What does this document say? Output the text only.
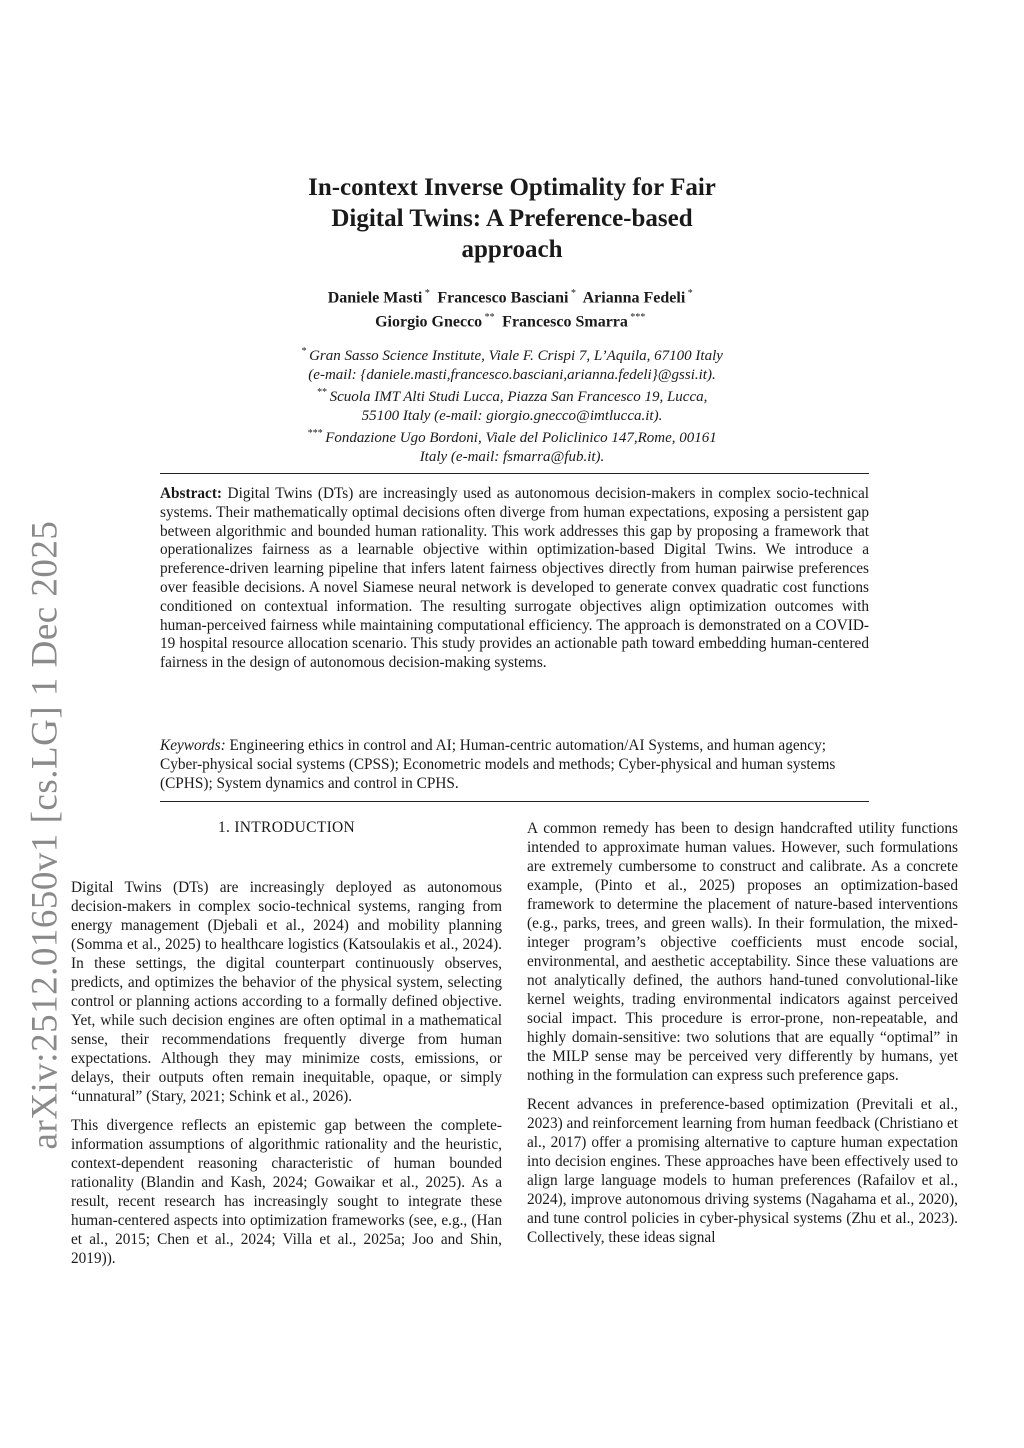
arXiv:2512.01650v1 [cs.LG] 1 Dec 2025
In-context Inverse Optimality for Fair
Digital Twins: A Preference-based
approach
Daniele Masti * Francesco Basciani * Arianna Fedeli *
Giorgio Gnecco ** Francesco Smarra ***
* Gran Sasso Science Institute, Viale F. Crispi 7, L’Aquila, 67100 Italy
(e-mail: {daniele.masti,francesco.basciani,arianna.fedeli}@gssi.it).
** Scuola IMT Alti Studi Lucca, Piazza San Francesco 19, Lucca,
55100 Italy (e-mail: giorgio.gnecco@imtlucca.it).
*** Fondazione Ugo Bordoni, Viale del Policlinico 147,Rome, 00161
Italy (e-mail: fsmarra@fub.it).
Abstract: Digital Twins (DTs) are increasingly used as autonomous decision-makers in complex socio-technical systems. Their mathematically optimal decisions often diverge from human expectations, exposing a persistent gap between algorithmic and bounded human rationality. This work addresses this gap by proposing a framework that operationalizes fairness as a learnable objective within optimization-based Digital Twins. We introduce a preference-driven learning pipeline that infers latent fairness objectives directly from human pairwise preferences over feasible decisions. A novel Siamese neural network is developed to generate convex quadratic cost functions conditioned on contextual information. The resulting surrogate objectives align optimization outcomes with human-perceived fairness while maintaining computational efficiency. The approach is demonstrated on a COVID-19 hospital resource allocation scenario. This study provides an actionable path toward embedding human-centered fairness in the design of autonomous decision-making systems.
Keywords: Engineering ethics in control and AI; Human-centric automation/AI Systems, and human agency; Cyber-physical social systems (CPSS); Econometric models and methods; Cyber-physical and human systems (CPHS); System dynamics and control in CPHS.
1. INTRODUCTION

Digital Twins (DTs) are increasingly deployed as autonomous decision-makers in complex socio-technical systems, ranging from energy management (Djebali et al., 2024) and mobility planning (Somma et al., 2025) to healthcare logistics (Katsoulakis et al., 2024). In these settings, the digital counterpart continuously observes, predicts, and optimizes the behavior of the physical system, selecting control or planning actions according to a formally defined objective. Yet, while such decision engines are often optimal in a mathematical sense, their recommendations frequently diverge from human expectations. Although they may minimize costs, emissions, or delays, their outputs often remain inequitable, opaque, or simply “unnatural” (Stary, 2021; Schink et al., 2026).

This divergence reflects an epistemic gap between the complete-information assumptions of algorithmic rationality and the heuristic, context-dependent reasoning characteristic of human bounded rationality (Blandin and Kash, 2024; Gowaikar et al., 2025). As a result, recent research has increasingly sought to integrate these human-centered aspects into optimization frameworks (see, e.g., (Han et al., 2015; Chen et al., 2024; Villa et al., 2025a; Joo and Shin, 2019)).

A common remedy has been to design handcrafted utility functions intended to approximate human values. However, such formulations are extremely cumbersome to construct and calibrate. As a concrete example, (Pinto et al., 2025) proposes an optimization-based framework to determine the placement of nature-based interventions (e.g., parks, trees, and green walls). In their formulation, the mixed-integer program’s objective coefficients must encode social, environmental, and aesthetic acceptability. Since these valuations are not analytically defined, the authors hand-tuned convolutional-like kernel weights, trading environmental indicators against perceived social impact. This procedure is error-prone, non-repeatable, and highly domain-sensitive: two solutions that are equally “optimal” in the MILP sense may be perceived very differently by humans, yet nothing in the formulation can express such preference gaps.

Recent advances in preference-based optimization (Previtali et al., 2023) and reinforcement learning from human feedback (Christiano et al., 2017) offer a promising alternative to capture human expectation into decision engines. These approaches have been effectively used to align large language models to human preferences (Rafailov et al., 2024), improve autonomous driving systems (Nagahama et al., 2020), and tune control policies in cyber-physical systems (Zhu et al., 2023). Collectively, these ideas signal
